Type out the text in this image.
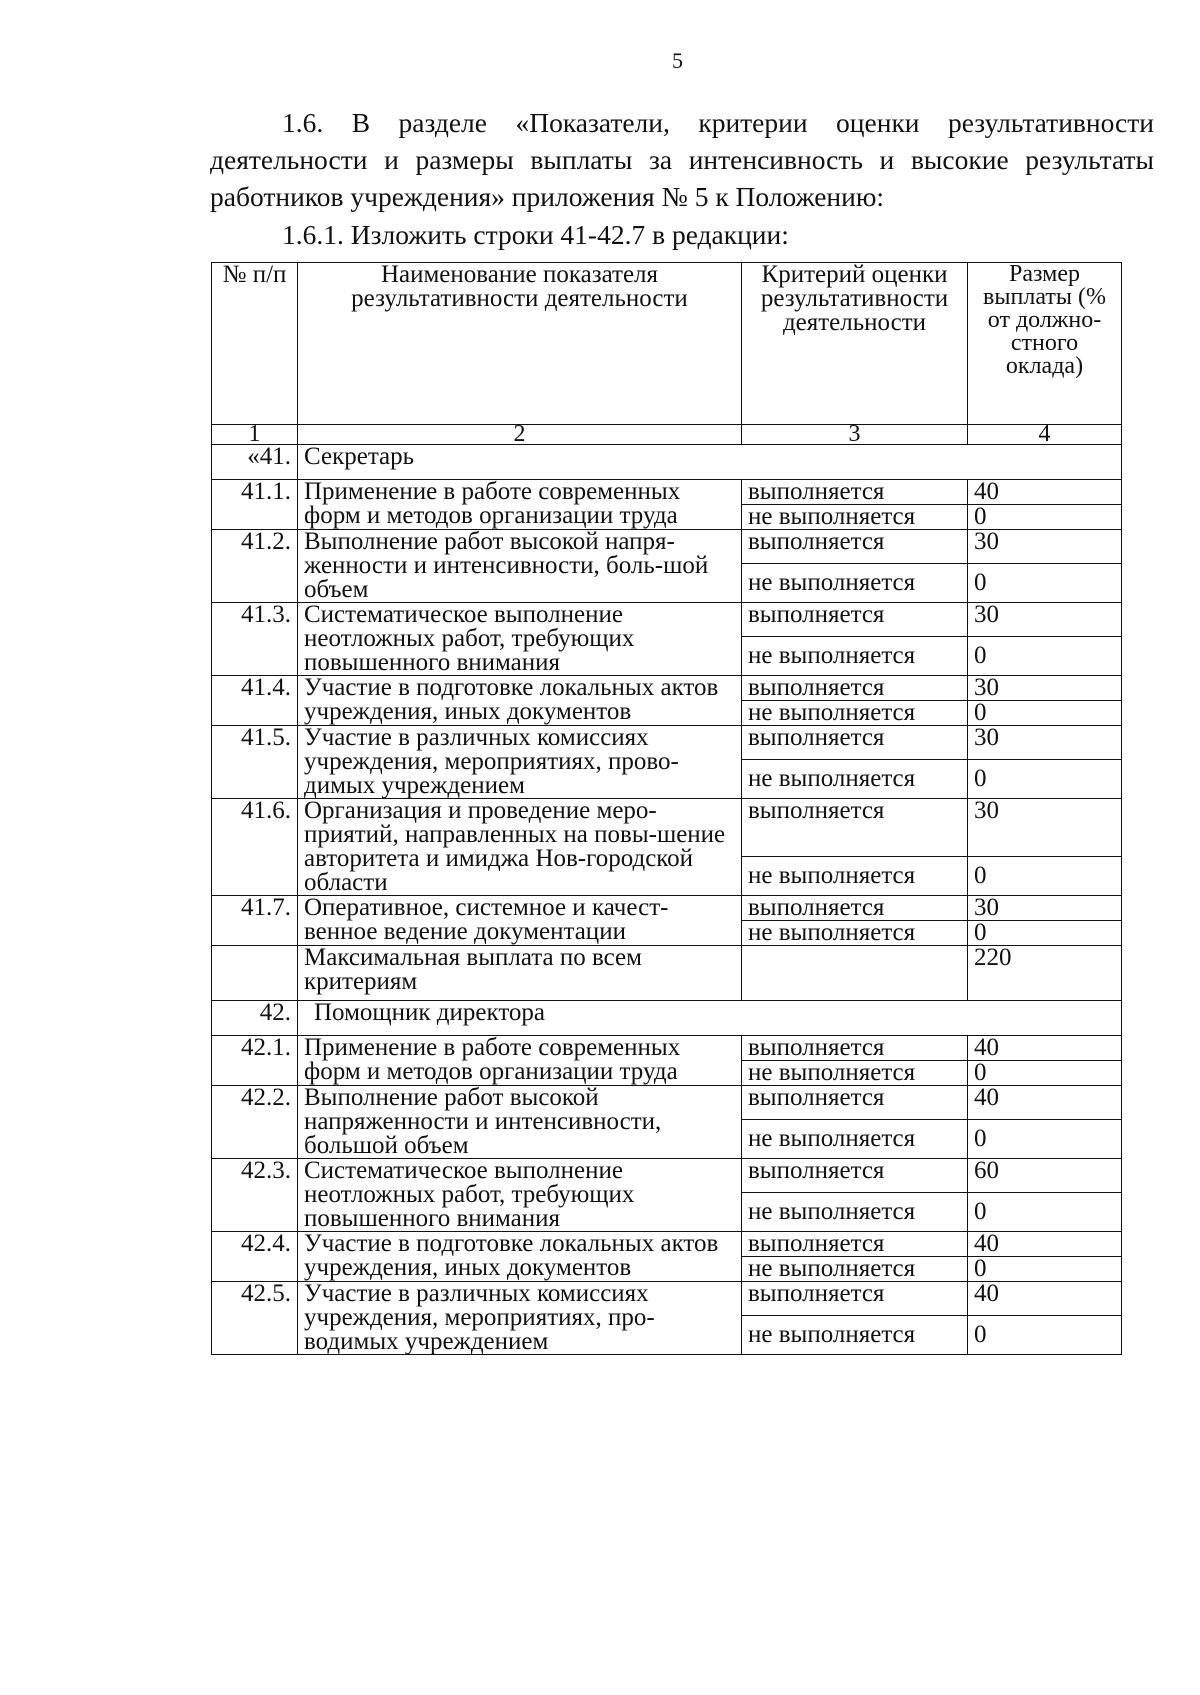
5

1.6. В разделе «Показатели, критерии оценки результативности деятельности и размеры выплаты за интенсивность и высокие результаты работников учреждения» приложения № 5 к Положению:

1.6.1. Изложить строки 41-42.7 в редакции:

№ п/п	Наименование показателя результативности деятельности	Критерий оценки результативности деятельности	Размер выплаты (% от должно-стного оклада)
1	2	3	4
«41.	Секретарь		
41.1.	Применение в работе современных форм и методов организации труда	выполняется	40
		не выполняется	0
41.2.	Выполнение работ высокой напря-женности и интенсивности, боль-шой объем	выполняется	30
		не выполняется	0
41.3.	Систематическое выполнение неотложных работ, требующих повышенного внимания	выполняется	30
		не выполняется	0
41.4.	Участие в подготовке локальных актов учреждения, иных документов	выполняется	30
		не выполняется	0
41.5.	Участие в различных комиссиях учреждения, мероприятиях, прово-димых учреждением	выполняется	30
		не выполняется	0
41.6.	Организация и проведение меро-приятий, направленных на повы-шение авторитета и имиджа Нов-городской области	выполняется	30
		не выполняется	0
41.7.	Оперативное, системное и качест-венное ведение документации	выполняется	30
		не выполняется	0
	Максимальная выплата по всем критериям		220
42.	Помощник директора		
42.1.	Применение в работе современных форм и методов организации труда	выполняется	40
		не выполняется	0
42.2.	Выполнение работ высокой напряженности и интенсивности, большой объем	выполняется	40
		не выполняется	0
42.3.	Систематическое выполнение неотложных работ, требующих повышенного внимания	выполняется	60
		не выполняется	0
42.4.	Участие в подготовке локальных актов учреждения, иных документов	выполняется	40
		не выполняется	0
42.5.	Участие в различных комиссиях учреждения, мероприятиях, про-водимых учреждением	выполняется	40
		не выполняется	0
